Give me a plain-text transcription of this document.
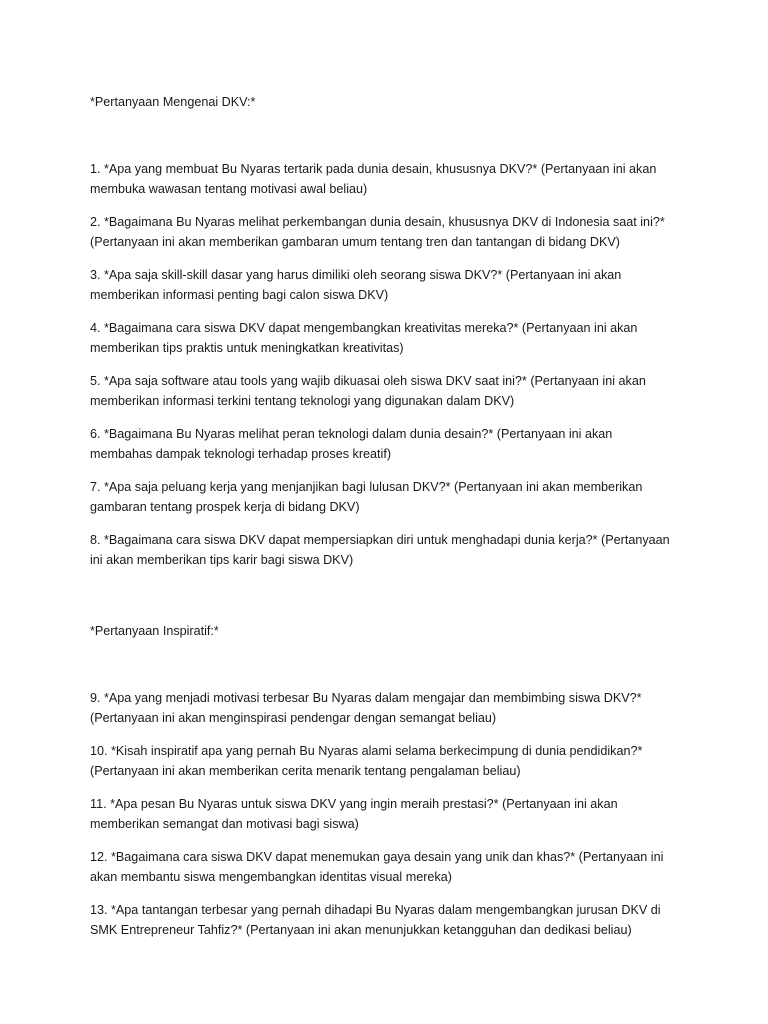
*Pertanyaan Mengenai DKV:*

1. *Apa yang membuat Bu Nyaras tertarik pada dunia desain, khususnya DKV?* (Pertanyaan ini akan membuka wawasan tentang motivasi awal beliau)

2. *Bagaimana Bu Nyaras melihat perkembangan dunia desain, khususnya DKV di Indonesia saat ini?* (Pertanyaan ini akan memberikan gambaran umum tentang tren dan tantangan di bidang DKV)

3. *Apa saja skill-skill dasar yang harus dimiliki oleh seorang siswa DKV?* (Pertanyaan ini akan memberikan informasi penting bagi calon siswa DKV)

4. *Bagaimana cara siswa DKV dapat mengembangkan kreativitas mereka?* (Pertanyaan ini akan memberikan tips praktis untuk meningkatkan kreativitas)

5. *Apa saja software atau tools yang wajib dikuasai oleh siswa DKV saat ini?* (Pertanyaan ini akan memberikan informasi terkini tentang teknologi yang digunakan dalam DKV)

6. *Bagaimana Bu Nyaras melihat peran teknologi dalam dunia desain?* (Pertanyaan ini akan membahas dampak teknologi terhadap proses kreatif)

7. *Apa saja peluang kerja yang menjanjikan bagi lulusan DKV?* (Pertanyaan ini akan memberikan gambaran tentang prospek kerja di bidang DKV)

8. *Bagaimana cara siswa DKV dapat mempersiapkan diri untuk menghadapi dunia kerja?* (Pertanyaan ini akan memberikan tips karir bagi siswa DKV)

*Pertanyaan Inspiratif:*

9. *Apa yang menjadi motivasi terbesar Bu Nyaras dalam mengajar dan membimbing siswa DKV?* (Pertanyaan ini akan menginspirasi pendengar dengan semangat beliau)

10. *Kisah inspiratif apa yang pernah Bu Nyaras alami selama berkecimpung di dunia pendidikan?* (Pertanyaan ini akan memberikan cerita menarik tentang pengalaman beliau)

11. *Apa pesan Bu Nyaras untuk siswa DKV yang ingin meraih prestasi?* (Pertanyaan ini akan memberikan semangat dan motivasi bagi siswa)

12. *Bagaimana cara siswa DKV dapat menemukan gaya desain yang unik dan khas?* (Pertanyaan ini akan membantu siswa mengembangkan identitas visual mereka)

13. *Apa tantangan terbesar yang pernah dihadapi Bu Nyaras dalam mengembangkan jurusan DKV di SMK Entrepreneur Tahfiz?* (Pertanyaan ini akan menunjukkan ketangguhan dan dedikasi beliau)
